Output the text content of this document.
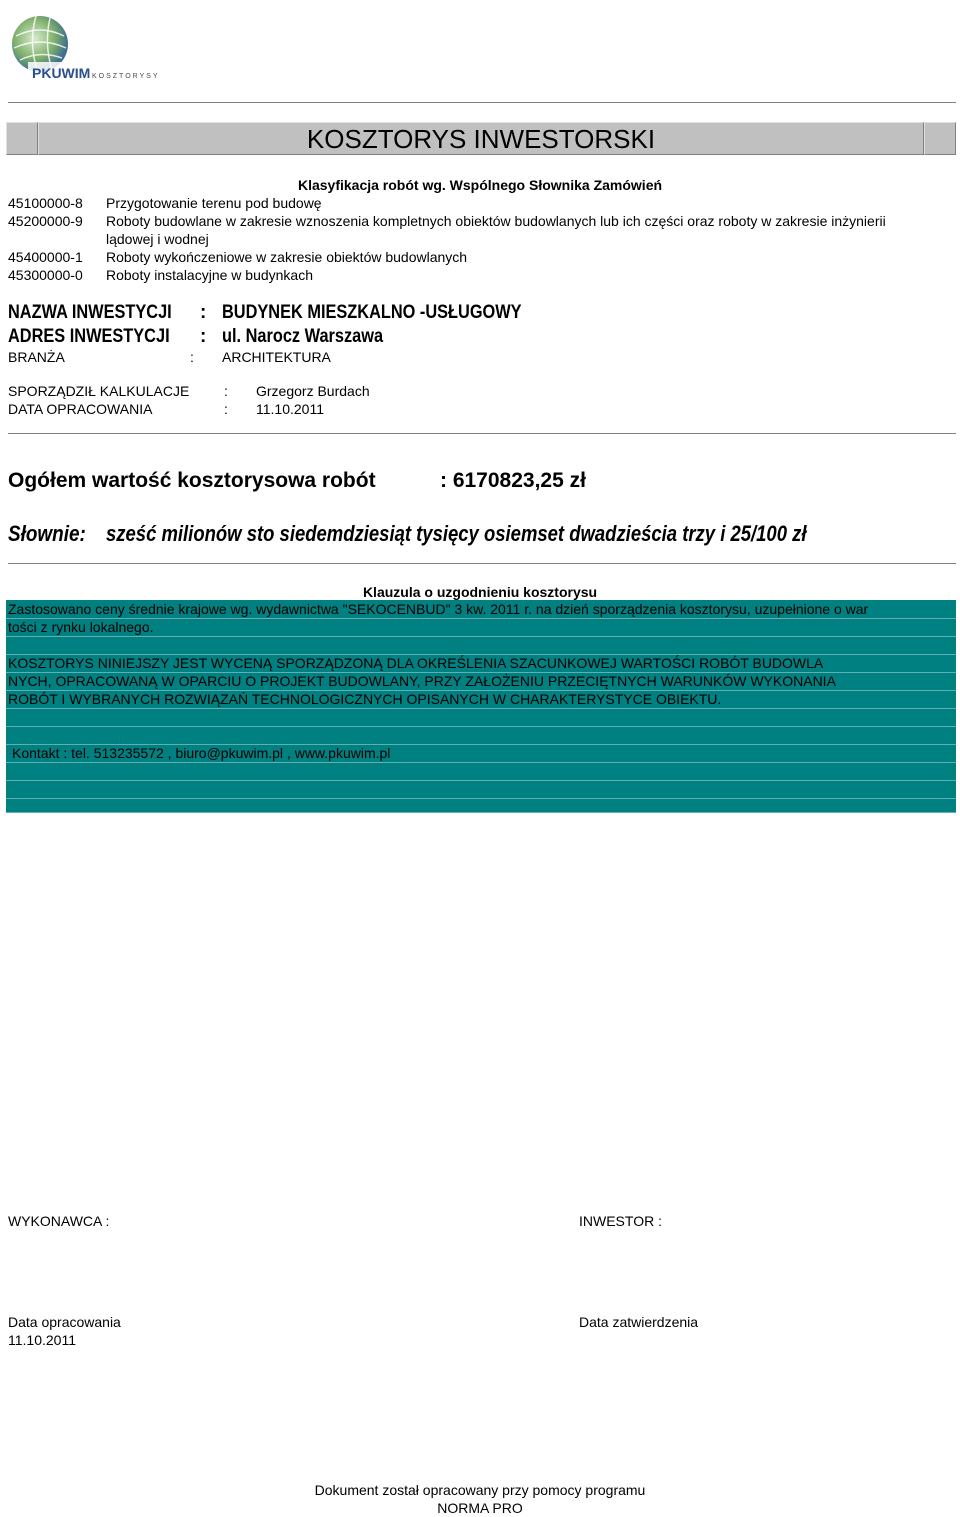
PKUWIM KOSZTORYSY
KOSZTORYS INWESTORSKI
Klasyfikacja robót wg. Wspólnego Słownika Zamówień
45100000-8 Przygotowanie terenu pod budowę
45200000-9 Roboty budowlane w zakresie wznoszenia kompletnych obiektów budowlanych lub ich części oraz roboty w zakresie inżynierii
lądowej i wodnej
45400000-1 Roboty wykończeniowe w zakresie obiektów budowlanych
45300000-0 Roboty instalacyjne w budynkach
NAZWA INWESTYCJI : BUDYNEK MIESZKALNO -USŁUGOWY
ADRES INWESTYCJI : ul. Narocz Warszawa
BRANŻA	: ARCHITEKTURA
SPORZĄDZIŁ KALKULACJE : Grzegorz Burdach
DATA OPRACOWANIA	: 11.10.2011
Ogółem wartość kosztorysowa robót	: 6170823,25 zł
Słownie: sześć milionów sto siedemdziesiąt tysięcy osiemset dwadzieścia trzy i 25/100 zł
Klauzula o uzgodnieniu kosztorysu
Zastosowano ceny średnie krajowe wg. wydawnictwa "SEKOCENBUD" 3 kw. 2011 r. na dzień sporządzenia kosztorysu, uzupełnione o war
tości z rynku lokalnego.
KOSZTORYS NINIEJSZY JEST WYCENĄ SPORZĄDZONĄ DLA OKREŚLENIA SZACUNKOWEJ WARTOŚCI ROBÓT BUDOWLA
NYCH, OPRACOWANĄ W OPARCIU O PROJEKT BUDOWLANY, PRZY ZAŁOŻENIU PRZECIĘTNYCH WARUNKÓW WYKONANIA
ROBÓT I WYBRANYCH ROZWIĄZAŃ TECHNOLOGICZNYCH OPISANYCH W CHARAKTERYSTYCE OBIEKTU.
Kontakt : tel. 513235572 , biuro@pkuwim.pl , www.pkuwim.pl
WYKONAWCA :	INWESTOR :
Data opracowania
11.10.2011
Data zatwierdzenia
Dokument został opracowany przy pomocy programu
NORMA PRO
